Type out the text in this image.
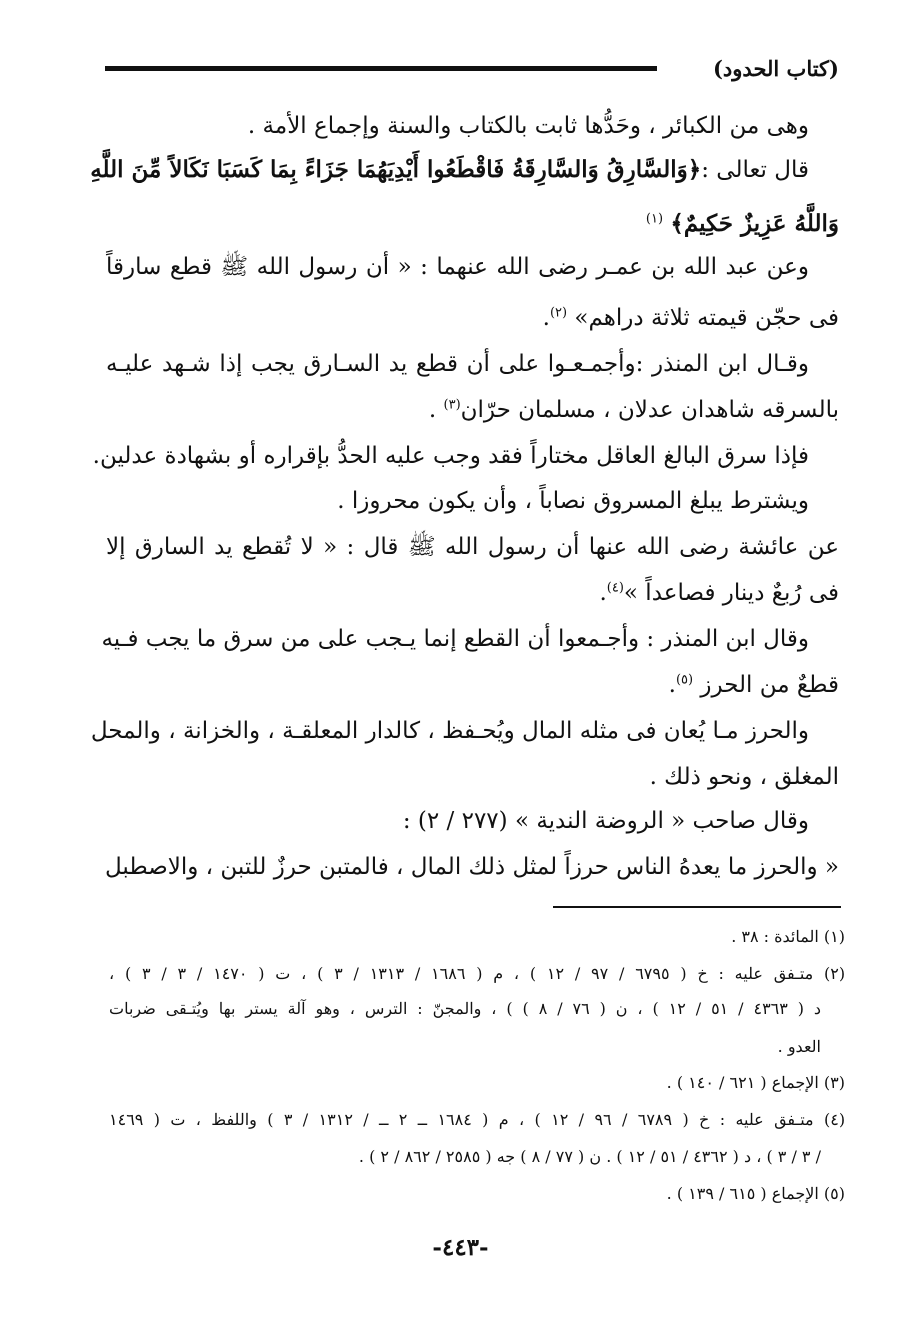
(كتاب الحدود)
وهى من الكبائر ، وحَدُّها ثابت بالكتاب والسنة وإجماع الأمة .
قال تعالى :﴿وَالسَّارِقُ وَالسَّارِقَةُ فَاقْطَعُوا أَيْدِيَهُمَا جَزَاءً بِمَا كَسَبَا نَكَالاً مِّنَ اللَّهِ
وَاللَّهُ عَزِيزٌ حَكِيمٌ﴾ $^{(١)}$
وعن عبد الله بن عمـر رضى الله عنهما : « أن رسول الله ﷺ قطع سارقاً
فى حجّن قيمته ثلاثة دراهم» $^{(٢)}$.
وقـال ابن المنذر :وأجمـعـوا على أن قطع يد السـارق يجب إذا شـهد عليـه
بالسرقه شاهدان عدلان ، مسلمان حرّان$^{(٣)}$ .
فإذا سرق البالغ العاقل مختاراً فقد وجب عليه الحدُّ بإقراره أو بشهادة عدلين.
ويشترط يبلغ المسروق نصاباً ، وأن يكون محروزا .
عن عائشة رضى الله عنها أن رسول الله ﷺ قال : « لا تُقطع يد السارق إلا
فى رُبعٌ دينار فصاعداً »$^{(٤)}$.
وقال ابن المنذر : وأجـمعوا أن القطع إنما يـجب على من سرق ما يجب فـيه
قطعٌ من الحرز $^{(٥)}$.
والحرز مـا يُعان فى مثله المال ويُحـفظ ، كالدار المعلقـة ، والخزانة ، والمحل
المغلق ، ونحو ذلك .
وقال صاحب « الروضة الندية » (٢٧٧ / ٢) :
« والحرز ما يعدهُ الناس حرزاً لمثل ذلك المال ، فالمتبن حرزٌ للتبن ، والاصطبل
(١) المائدة : ٣٨ .
(٢) متـفق عليه : خ ( ٦٧٩٥ / ٩٧ / ١٢ ) ، م ( ١٦٨٦ / ١٣١٣ / ٣ ) ، ت ( ١٤٧٠ / ٣ / ٣ ) ،
د ( ٤٣٦٣ / ٥١ / ١٢ ) ، ن ( ٧٦ / ٨ ) ) ، والمجنّ : الترس ، وهو آلة يستر بها ويُتـقى ضربات
العدو .
(٣) الإجماع ( ٦٢١ / ١٤٠ ) .
(٤) متـفق عليه : خ ( ٦٧٨٩ / ٩٦ / ١٢ ) ، م ( ١٦٨٤ ــ ٢ ــ / ١٣١٢ / ٣ ) واللفظ ، ت ( ١٤٦٩
/ ٣ / ٣ ) ، د ( ٤٣٦٢ / ٥١ / ١٢ ) . ن ( ٧٧ / ٨ ) جه ( ٢٥٨٥ / ٨٦٢ / ٢ ) .
(٥) الإجماع ( ٦١٥ / ١٣٩ ) .
-٤٤٣-
